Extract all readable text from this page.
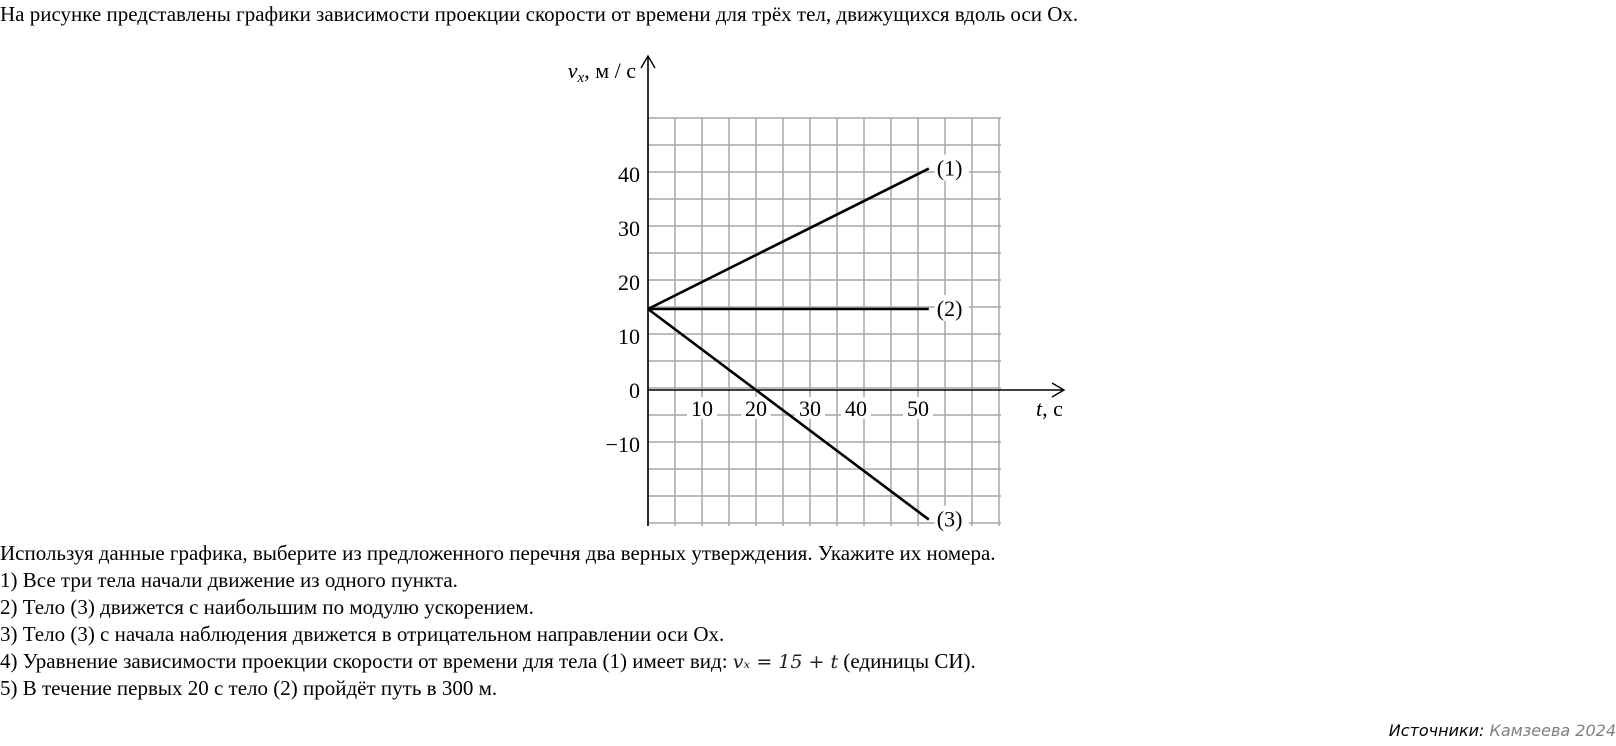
На рисунке представлены графики зависимости проекции скорости от времени для трёх тел, движущихся вдоль оси Ox.
−10
0
10
20
30
40
10 20 30 40 50
(1)
(2)
(3)
vx, м / с
t, с
Используя данные графика, выберите из предложенного перечня два верных утверждения. Укажите их номера.
1) Все три тела начали движение из одного пункта.
2) Тело (3) движется с наибольшим по модулю ускорением.
3) Тело (3) с начала наблюдения движется в отрицательном направлении оси Ox.
4) Уравнение зависимости проекции скорости от времени для тела (1) имеет вид: vₓ = 15 + t (единицы СИ).
5) В течение первых 20 с тело (2) пройдёт путь в 300 м.
Источники: Камзеева 2024
